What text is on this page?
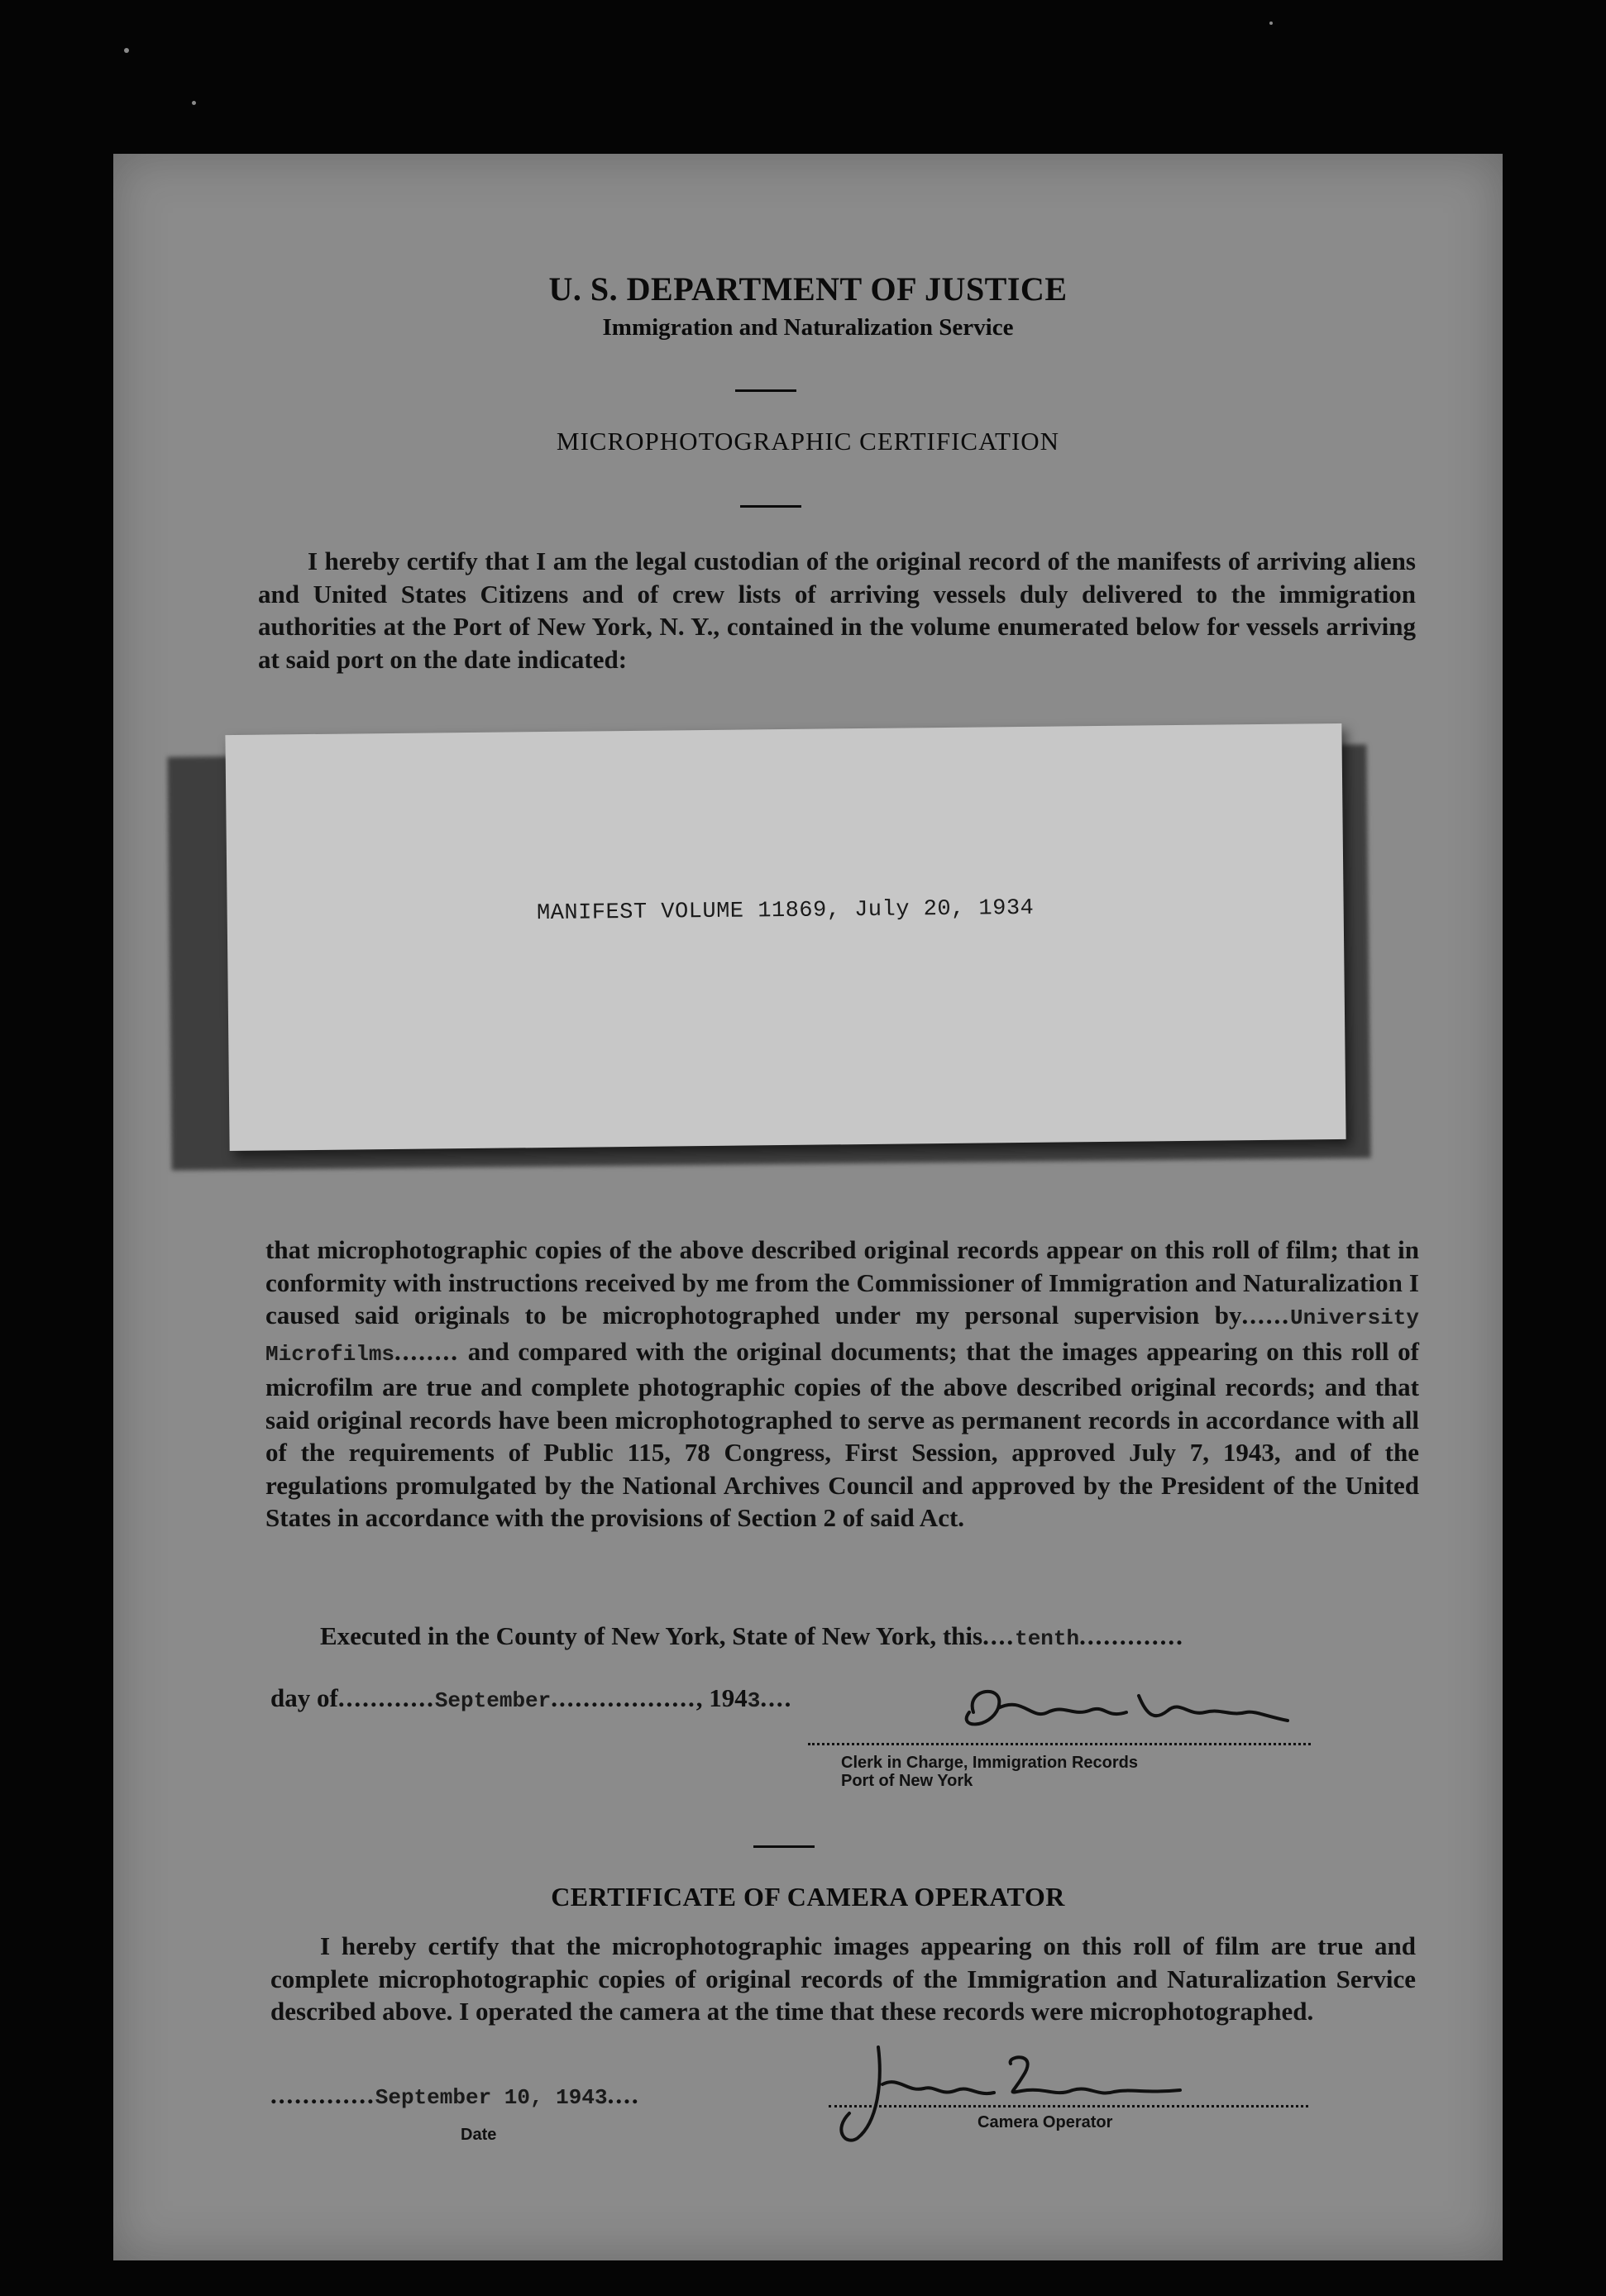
U. S. DEPARTMENT OF JUSTICE
Immigration and Naturalization Service
MICROPHOTOGRAPHIC CERTIFICATION
I hereby certify that I am the legal custodian of the original record of the manifests of arriving aliens and United States Citizens and of crew lists of arriving vessels duly delivered to the immigration authorities at the Port of New York, N. Y., contained in the volume enumerated below for vessels arriving at said port on the date indicated:
MANIFEST VOLUME 11869, July 20, 1934
that microphotographic copies of the above described original records appear on this roll of film; that in conformity with instructions received by me from the Commissioner of Immigration and Naturalization I caused said originals to be microphotographed under my personal supervision by......University Microfilms........ and compared with the original documents; that the images appearing on this roll of microfilm are true and complete photographic copies of the above described original records; and that said original records have been microphotographed to serve as permanent records in accordance with all of the requirements of Public 115, 78 Congress, First Session, approved July 7, 1943, and of the regulations promulgated by the National Archives Council and approved by the President of the United States in accordance with the provisions of Section 2 of said Act.
Executed in the County of New York, State of New York, this....tenth.............
day of............September.................., 1943....
Clerk in Charge, Immigration Records
Port of New York
CERTIFICATE OF CAMERA OPERATOR
I hereby certify that the microphotographic images appearing on this roll of film are true and complete microphotographic copies of original records of the Immigration and Naturalization Service described above. I operated the camera at the time that these records were microphotographed.
.............September 10, 1943....
Date
Camera Operator
